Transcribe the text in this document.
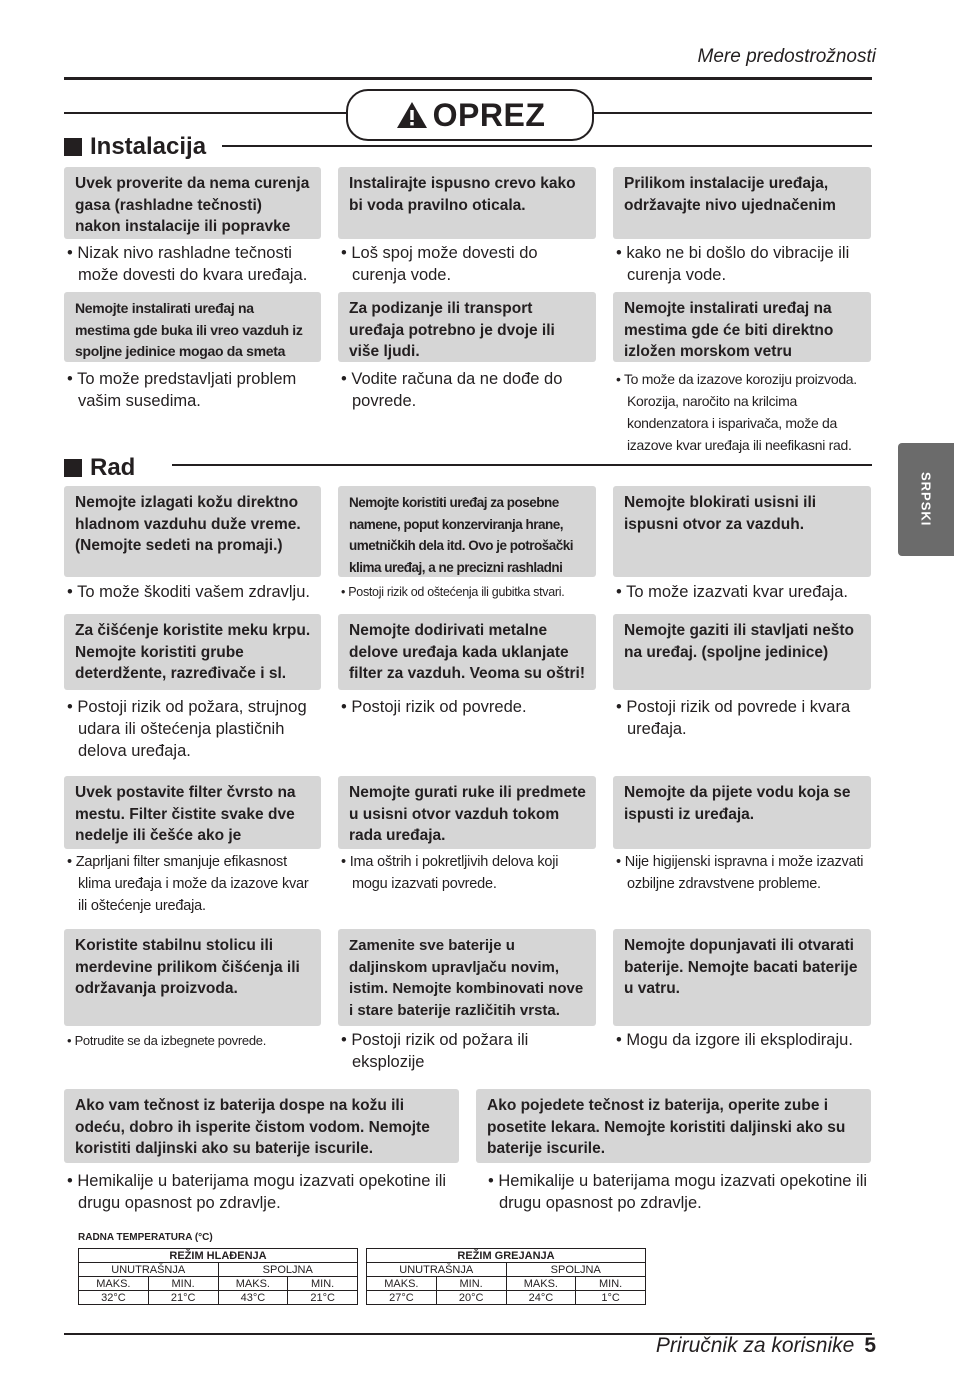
Mere predostrožnosti
OPREZ
Instalacija
Uvek proverite da nema curenja gasa (rashladne tečnosti) nakon instalacije ili popravke
Instalirajte ispusno crevo kako bi voda pravilno oticala.
Prilikom instalacije uređaja, održavajte nivo ujednačenim
• Nizak nivo rashladne tečnosti može dovesti do kvara uređaja.
• Loš spoj može dovesti do curenja vode.
• kako ne bi došlo do vibracije ili curenja vode.
Nemojte instalirati uređaj na mestima gde buka ili vreo vazduh iz spoljne jedinice mogao da smeta
Za podizanje ili transport uređaja potrebno je dvoje ili više ljudi.
Nemojte instalirati uređaj na mestima gde će biti direktno izložen morskom vetru
• To može predstavljati problem vašim susedima.
• Vodite računa da ne dođe do povrede.
• To može da izazove koroziju proizvoda. Korozija, naročito na krilcima kondenzatora i isparivača, može da izazove kvar uređaja ili neefikasni rad.
SRPSKI
Rad
Nemojte izlagati kožu direktno hladnom vazduhu duže vreme. (Nemojte sedeti na promaji.)
Nemojte koristiti uređaj za posebne namene, poput konzerviranja hrane, umetničkih dela itd. Ovo je potrošački klima uređaj, a ne precizni rashladni
Nemojte blokirati usisni ili ispusni otvor za vazduh.
• To može škoditi vašem zdravlju.	• Postoji rizik od oštećenja ili gubitka stvari.	• To može izazvati kvar uređaja.
Za čišćenje koristite meku krpu. Nemojte koristiti grube deterdžente, razređivače i sl.
Nemojte dodirivati metalne delove uređaja kada uklanjate filter za vazduh. Veoma su oštri!
Nemojte gaziti ili stavljati nešto na uređaj. (spoljne jedinice)
• Postoji rizik od požara, strujnog udara ili oštećenja plastičnih delova uređaja.
• Postoji rizik od povrede.	• Postoji rizik od povrede i kvara uređaja.
Uvek postavite filter čvrsto na mestu. Filter čistite svake dve nedelje ili češće ako je
Nemojte gurati ruke ili predmete u usisni otvor vazduh tokom rada uređaja.
Nemojte da pijete vodu koja se ispusti iz uređaja.
• Zaprljani filter smanjuje efikasnost klima uređaja i može da izazove kvar ili oštećenje uređaja.
• Ima oštrih i pokretljivih delova koji mogu izazvati povrede.
• Nije higijenski ispravna i može izazvati ozbiljne zdravstvene probleme.
Koristite stabilnu stolicu ili merdevine prilikom čišćenja ili održavanja proizvoda.
Zamenite sve baterije u daljinskom upravljaču novim, istim. Nemojte kombinovati nove i stare baterije različitih vrsta.
Nemojte dopunjavati ili otvarati baterije. Nemojte bacati baterije u vatru.
• Potrudite se da izbegnete povrede.	• Postoji rizik od požara ili eksplozije
• Mogu da izgore ili eksplodiraju.
Ako vam tečnost iz baterija dospe na kožu ili odeću, dobro ih isperite čistom vodom. Nemojte koristiti daljinski ako su baterije iscurile.
Ako pojedete tečnost iz baterija, operite zube i posetite lekara. Nemojte koristiti daljinski ako su baterije iscurile.
• Hemikalije u baterijama mogu izazvati opekotine ili drugu opasnost po zdravlje.
• Hemikalije u baterijama mogu izazvati opekotine ili drugu opasnost po zdravlje.
RADNA TEMPERATURA (°C)
REŽIM HLAĐENJA			
UNUTRAŠNJA		SPOLJNA	
MAKS.	MIN.	MAKS.	MIN.
32°C	21°C	43°C	21°C
REŽIM GREJANJA			
UNUTRAŠNJA		SPOLJNA	
MAKS.	MIN.	MAKS.	MIN.
27°C	20°C	24°C	1°C
Priručnik za korisnike 5
